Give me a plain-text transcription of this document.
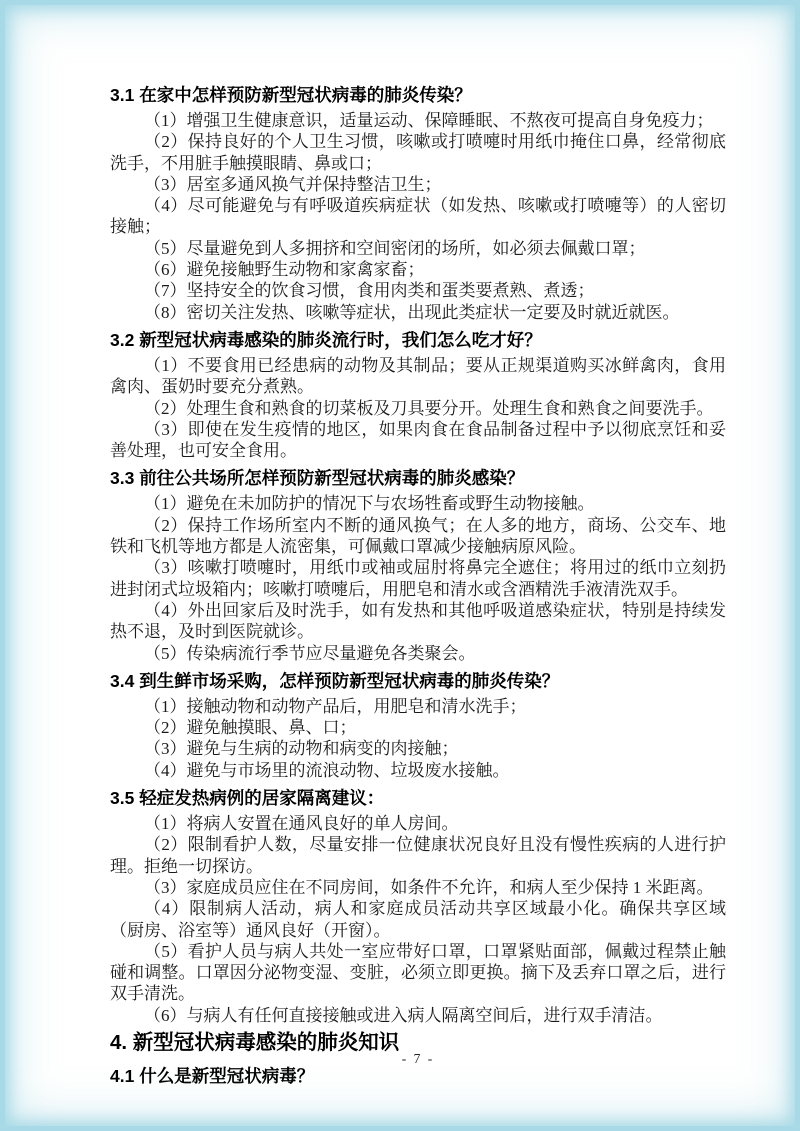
3.1 在家中怎样预防新型冠状病毒的肺炎传染？

（1）增强卫生健康意识，适量运动、保障睡眠、不熬夜可提高自身免疫力；

（2）保持良好的个人卫生习惯，咳嗽或打喷嚏时用纸巾掩住口鼻，经常彻底洗手，不用脏手触摸眼睛、鼻或口；

（3）居室多通风换气并保持整洁卫生；

（4）尽可能避免与有呼吸道疾病症状（如发热、咳嗽或打喷嚏等）的人密切接触；

（5）尽量避免到人多拥挤和空间密闭的场所，如必须去佩戴口罩；

（6）避免接触野生动物和家禽家畜；

（7）坚持安全的饮食习惯，食用肉类和蛋类要煮熟、煮透；

（8）密切关注发热、咳嗽等症状，出现此类症状一定要及时就近就医。

3.2 新型冠状病毒感染的肺炎流行时，我们怎么吃才好？

（1）不要食用已经患病的动物及其制品；要从正规渠道购买冰鲜禽肉，食用禽肉、蛋奶时要充分煮熟。

（2）处理生食和熟食的切菜板及刀具要分开。处理生食和熟食之间要洗手。

（3）即使在发生疫情的地区，如果肉食在食品制备过程中予以彻底烹饪和妥善处理，也可安全食用。

3.3 前往公共场所怎样预防新型冠状病毒的肺炎感染？

（1）避免在未加防护的情况下与农场牲畜或野生动物接触。

（2）保持工作场所室内不断的通风换气；在人多的地方，商场、公交车、地铁和飞机等地方都是人流密集，可佩戴口罩减少接触病原风险。

（3）咳嗽打喷嚏时，用纸巾或袖或屈肘将鼻完全遮住；将用过的纸巾立刻扔进封闭式垃圾箱内；咳嗽打喷嚏后，用肥皂和清水或含酒精洗手液清洗双手。

（4）外出回家后及时洗手，如有发热和其他呼吸道感染症状，特别是持续发热不退，及时到医院就诊。

（5）传染病流行季节应尽量避免各类聚会。

3.4 到生鲜市场采购，怎样预防新型冠状病毒的肺炎传染？

（1）接触动物和动物产品后，用肥皂和清水洗手；

（2）避免触摸眼、鼻、口；

（3）避免与生病的动物和病变的肉接触；

（4）避免与市场里的流浪动物、垃圾废水接触。

3.5 轻症发热病例的居家隔离建议：

（1）将病人安置在通风良好的单人房间。

（2）限制看护人数，尽量安排一位健康状况良好且没有慢性疾病的人进行护理。拒绝一切探访。

（3）家庭成员应住在不同房间，如条件不允许，和病人至少保持 1 米距离。

（4）限制病人活动，病人和家庭成员活动共享区域最小化。确保共享区域（厨房、浴室等）通风良好（开窗）。

（5）看护人员与病人共处一室应带好口罩，口罩紧贴面部，佩戴过程禁止触碰和调整。口罩因分泌物变湿、变脏，必须立即更换。摘下及丢弃口罩之后，进行双手清洗。

（6）与病人有任何直接接触或进入病人隔离空间后，进行双手清洁。

4. 新型冠状病毒感染的肺炎知识
4.1 什么是新型冠状病毒？
- 7 -
